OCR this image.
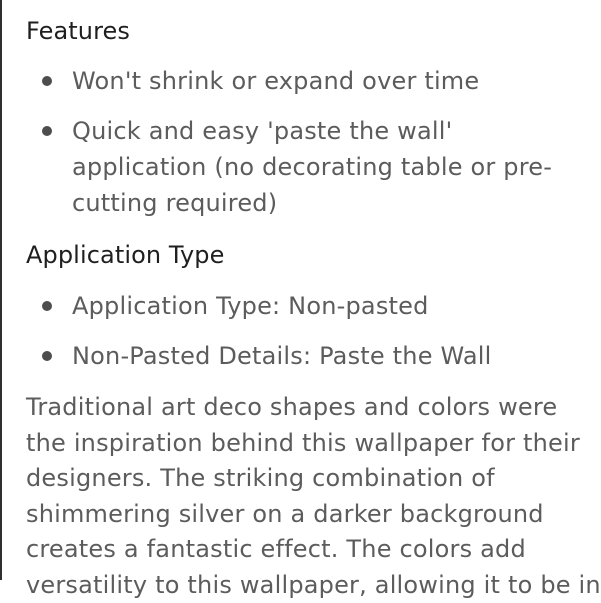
Features
Won't shrink or expand over time
Quick and easy 'paste the wall'
application (no decorating table or pre-
cutting required)
Application Type
Application Type: Non-pasted
Non-Pasted Details: Paste the Wall

Traditional art deco shapes and colors were
the inspiration behind this wallpaper for their
designers. The striking combination of
shimmering silver on a darker background
creates a fantastic effect. The colors add
versatility to this wallpaper, allowing it to be in
